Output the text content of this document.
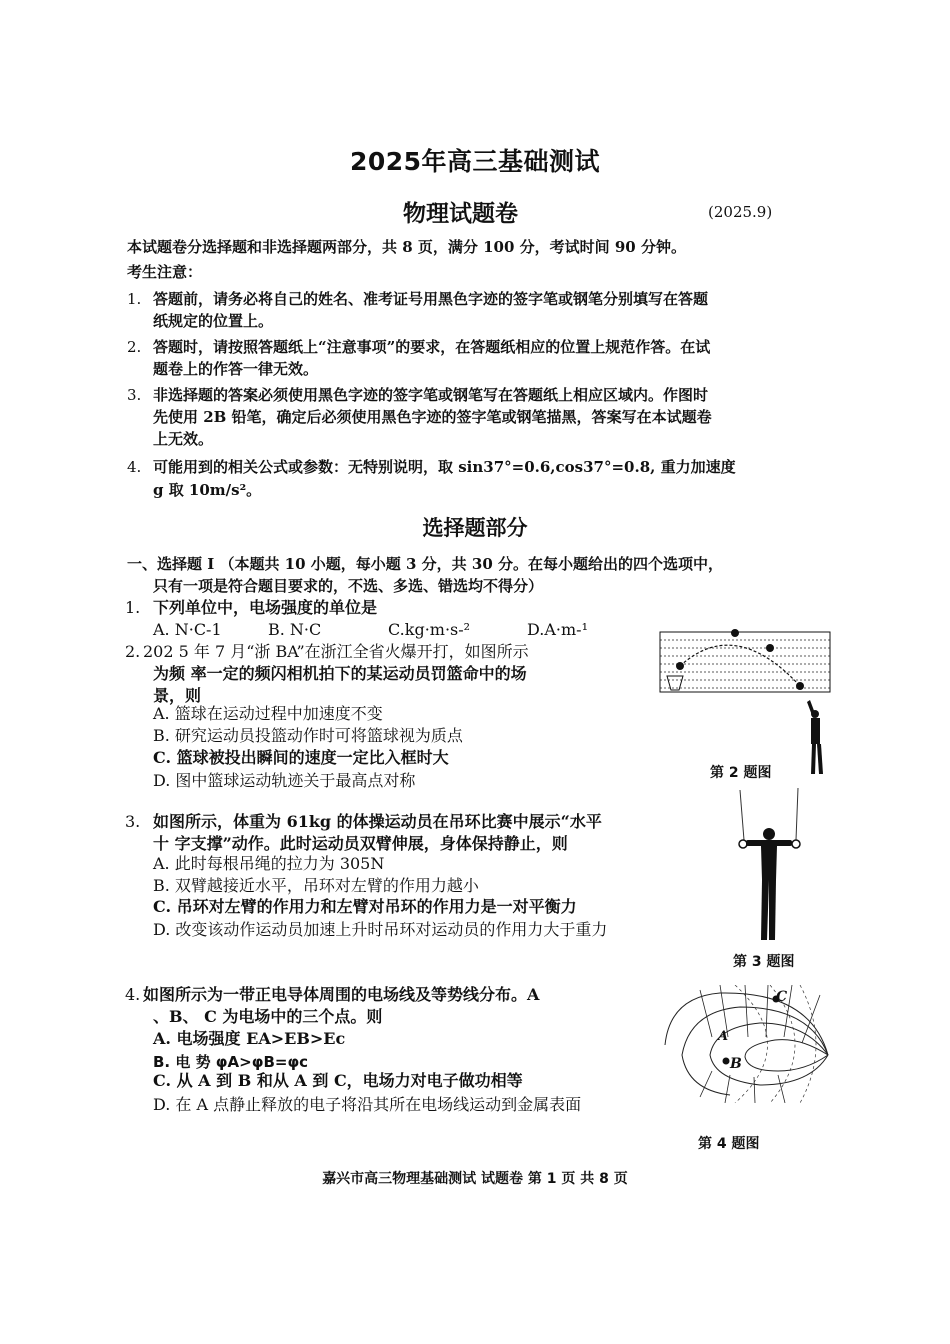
2025年高三基础测试
物理试题卷	(2025.9)
本试题卷分选择题和非选择题两部分，共 8 页，满分 100 分，考试时间 90 分钟。
考生注意：
1. 答题前，请务必将自己的姓名、准考证号用黑色字迹的签字笔或钢笔分别填写在答题
纸规定的位置上。
2. 答题时，请按照答题纸上“注意事项”的要求，在答题纸相应的位置上规范作答。在试
题卷上的作答一律无效。
3. 非选择题的答案必须使用黑色字迹的签字笔或钢笔写在答题纸上相应区域内。作图时
先使用 2B 铅笔，确定后必须使用黑色字迹的签字笔或钢笔描黑，答案写在本试题卷
上无效。
4. 可能用到的相关公式或参数：无特别说明，取 sin37°=0.6,cos37°=0.8, 重力加速度
g 取 10m/s²。
选择题部分
一、选择题 I （本题共 10 小题，每小题 3 分，共 30 分。在每小题给出的四个选项中，
只有一项是符合题目要求的，不选、多选、错选均不得分）
1. 下列单位中，电场强度的单位是
A. N·C-1	B. N·C	C.kg·m·s-²	D.A·m-¹
2. 202 5 年 7 月“浙 BA”在浙江全省火爆开打，如图所示
为频 率一定的频闪相机拍下的某运动员罚篮命中的场
景，则
A. 篮球在运动过程中加速度不变
B. 研究运动员投篮动作时可将篮球视为质点
C. 篮球被投出瞬间的速度一定比入框时大
D. 图中篮球运动轨迹关于最高点对称	第 2 题图
3. 如图所示，体重为 61kg 的体操运动员在吊环比赛中展示“水平
十 字支撑”动作。此时运动员双臂伸展，身体保持静止，则
A. 此时每根吊绳的拉力为 305N
B. 双臂越接近水平，吊环对左臂的作用力越小
C. 吊环对左臂的作用力和左臂对吊环的作用力是一对平衡力
D. 改变该动作运动员加速上升时吊环对运动员的作用力大于重力
第 3 题图
4. 如图所示为一带正电导体周围的电场线及等势线分布。A
、B、 C 为电场中的三个点。则
A. 电场强度 EA>EB>Ec
B. 电 势 φA>φB=φc
C. 从 A 到 B 和从 A 到 C，电场力对电子做功相等
D. 在 A 点静止释放的电子将沿其所在电场线运动到金属表面
C
A
B
第 4 题图
嘉兴市高三物理基础测试 试题卷 第 1 页 共 8 页
